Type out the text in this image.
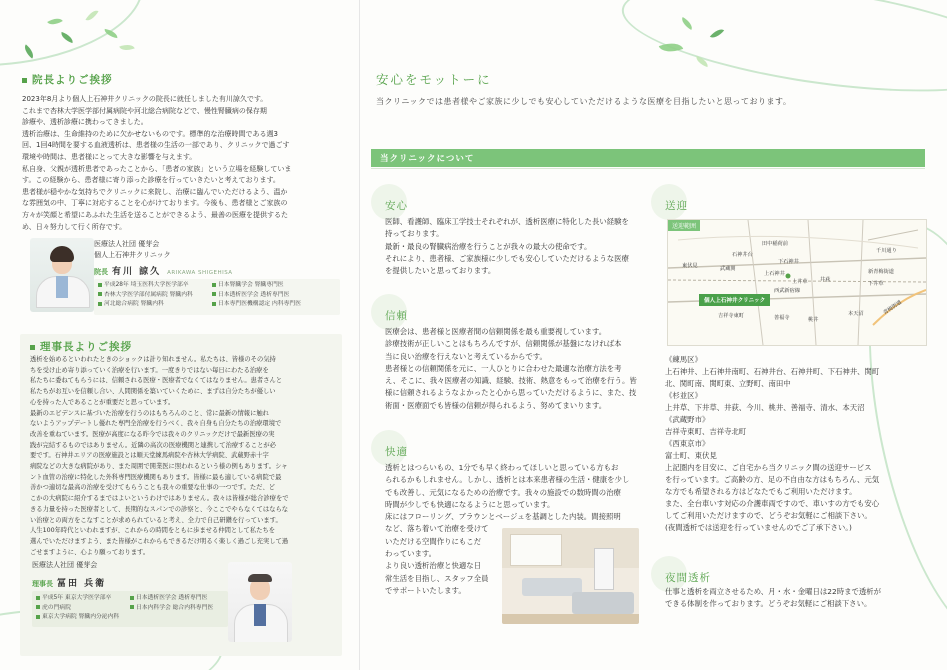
院長よりご挨拶
2023年8月より個人上石神井クリニックの院長に就任しました有川諒久です。
これまで杏林大学医学部付属病院や河北総合病院などで、慢性腎臓病の保存期
診療や、透析診療に携わってきました。
透析治療は、生命維持のために欠かせないものです。標準的な治療時間である週3
回、1回4時間を要する血液透析は、患者様の生活の一部であり、クリニックで過ごす
環境や時間は、患者様にとって大きな影響を与えます。
私自身、父親が透析患者であったことから、「患者の家族」という立場を経験していま
す。この経験から、患者様に寄り添った診療を行っていきたいと考えております。
患者様が穏やかな気持ちでクリニックに来院し、治療に臨んでいただけるよう、温か
な雰囲気の中、丁寧に対応することを心がけております。今後も、患者様とご家族の
方々が笑顔と希望にあふれた生活を送ることができるよう、最善の医療を提供するた
め、日々努力して行く所存です。
医療法人社団 優芽会
個人上石神井クリニック
院長 有川 諒久 ARIKAWA SHIGEHISA
平成28年 埼玉医科大学医学部卒
杏林大学医学部付属病院 腎臓内科
河北総合病院 腎臓内科
日本腎臓学会 腎臓専門医
日本透析医学会 透析専門医
日本専門医機構認定 内科専門医
理事長よりご挨拶
透析を始めるといわれたときのショックは計り知れません。私たちは、皆様のその気持
ちを受け止め寄り添っていく治療を行います。一度きりではない毎日にわたる治療を
私たちに委ねてもらうには、信頼される医療・医療者でなくてはなりません。患者さんと
私たちがお互いを信頼し合い、人間関係を築いていくために、まずは自分たちが優しい
心を持った人であることが重要だと思っています。
最新のエビデンスに基づいた治療を行うのはもちろんのこと、常に最新の情報に触れ
ないようアップデートし優れた専門全治療を行うべく、我々自身も自分たちの治療環境で
改善を重ねています。医療が高度になる昨今では我々のクリニックだけで最新医療の実
践が完結するものではありません。近隣の高次の医療機関と連携して治療することが必
要です。石神井エリアの医療施設とは順天堂練馬病院や杏林大学病院、武蔵野赤十字
病院などの大きな病院があり、また周囲で開業医に照われるという様の例もあります。シャ
ント血管の治療に特化した外科専門医療機関もあります。皆様に最も適している病院で最
善かつ適切な最高の治療を受けてもらうことも我々の重要な仕事の一つです。ただ、ど
こかの大病院に紹介するまではよいというわけではありません。我々は皆様が総合診療をで
きる力量を持った医療者として、長期的なスパンでの診察と、今ここでやらなくてはならな
い治療との両方をこなすことが求められていると考え、全力で自己研鑽を行っています。
人生100年時代といわれますが、これからの時間をともに歩ませる仲間として私たちを
選んでいただけますよう、また皆様がこれからもできるだけ明るく楽しく過ごし充実して過
ごせますように、心より願っております。
医療法人社団 優芽会
理事長 冨田 兵衛
平成5年 東京大学医学部卒
虎の門病院
東京大学病院 腎臓内分泌内科
日本透析医学会 透析専門医
日本内科学会 総合内科専門医
安心をモットーに
当クリニックでは患者様やご家族に少しでも安心していただけるような医療を目指したいと思っております。
当クリニックについて
安心
医師、看護師、臨床工学技士それぞれが、透析医療に特化した長い経験を
持っております。
最新・最良の腎臓病治療を行うことが我々の最大の使命です。
それにより、患者様、ご家族様に少しでも安心していただけるような医療
を提供したいと思っております。
信頼
医療会は、患者様と医療者間の信頼関係を最も重要視しています。
診療技術が正しいことはもちろんですが、信頼関係が基盤になければ本
当に良い治療を行えないと考えているからです。
患者様との信頼関係を元に、一人ひとりに合わせた最適な治療方法を考
え、そこに、我々医療者の知識、経験、技術、熱意をもって治療を行う。皆
様に信頼されるようなよかったと心から思っていただけるように、また、技
術面・医療面でも皆様の信頼が得られるよう、努めてまいります。
快適
透析とはつらいもの、1分でも早く終わってほしいと思っている方もお
られるかもしれません。しかし、透析とは本来患者様の生活・健康を少し
でも改善し、元気になるための治療です。我々の施設での数時間の治療
時間が少しでも快適になるようにと思っています。
床にはフローリング、ブラウンとベージュを基調とした内装。間接照明
など、落ち着いて治療を受けて
いただける空間作りにもこだ
わっています。
より良い透析治療と快適な日
常生活を目指し、スタッフ全員
でサポートいたします。
送迎
送迎範囲
田中稲荷前
石神井台
千川通り
東伏見	武蔵関
下石神井
上石神井
上井草
新青梅街道
井荻
下井草
西武新宿線
吉祥寺東町	善福寺	桃井
本天沼	青梅街道
個人上石神井クリニック
《練馬区》
上石神井、上石神井南町、石神井台、石神井町、下石神井、関町
北、関町南、関町東、立野町、南田中
《杉並区》
上井草、下井草、井荻、今川、桃井、善福寺、清水、本天沼
《武蔵野市》
吉祥寺東町、吉祥寺北町
《西東京市》
富士町、東伏見
上記圏内を目安に、ご自宅から当クリニック間の送迎サービス
を行っています。ご高齢の方、足の不自由な方はもちろん、元気
な方でも希望される方はどなたでもご利用いただけます。
また、全台車いす対応の介護車両ですので、車いすの方でも安心
してご利用いただけますので、どうぞお気軽にご相談下さい。
(夜間透析では送迎を行っていませんのでご了承下さい。)
夜間透析
仕事と透析を両立させるため、月・水・金曜日は22時まで透析が
できる体制を作っております。どうぞお気軽にご相談下さい。
